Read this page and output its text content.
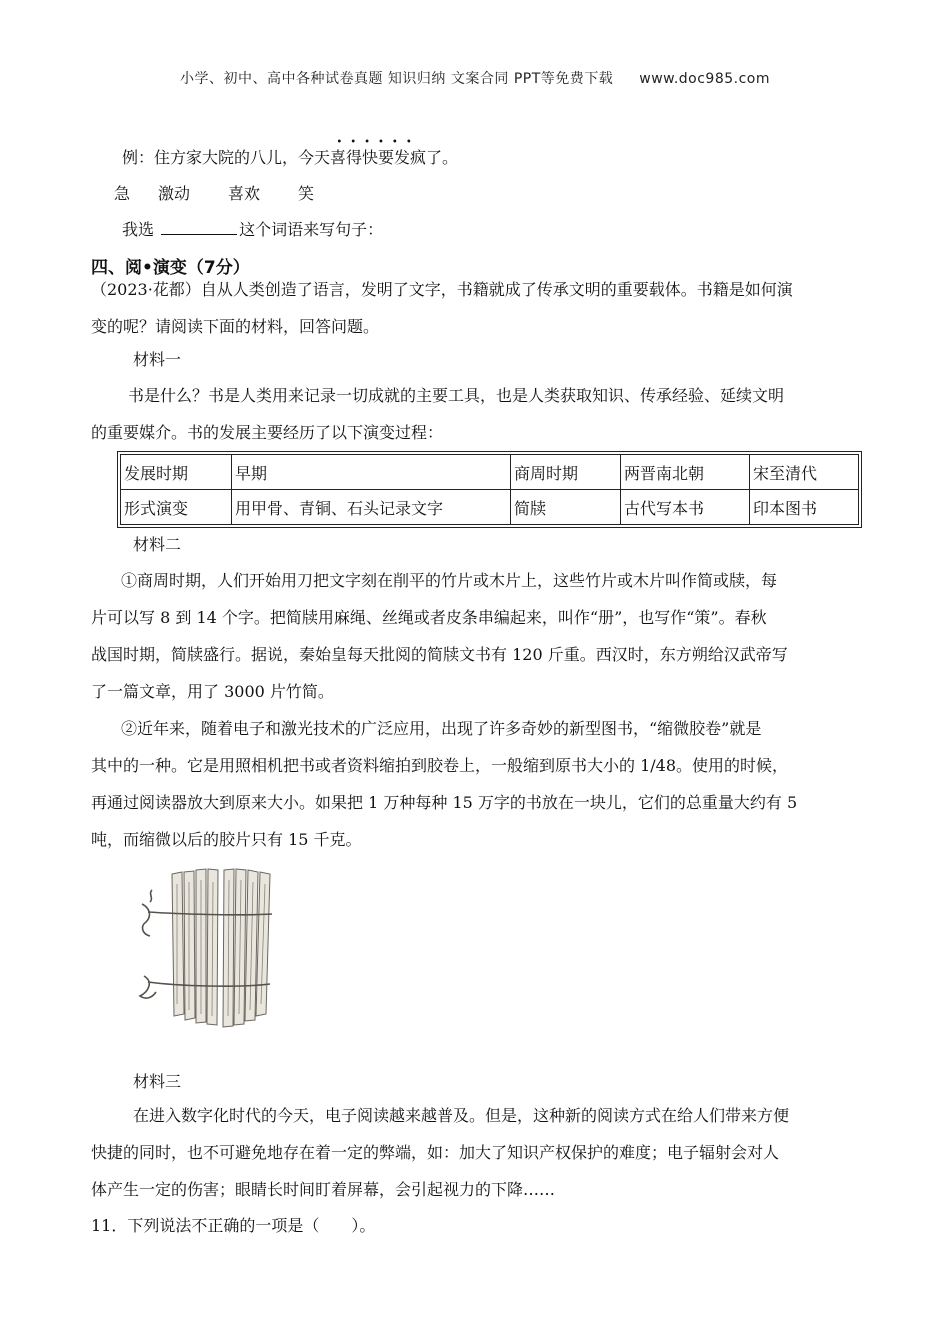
小学、初中、高中各种试卷真题 知识归纳 文案合同 PPT等免费下载 www.doc985.com
例：住方家大院的八儿，今天
••••••
喜得快要发疯了。
急 激动 喜欢 笑
我选	这个词语来写句子：
四、阅•演变（7分）
（2023·花都）自从人类创造了语言，发明了文字，书籍就成了传承文明的重要载体。书籍是如何演
变的呢？请阅读下面的材料，回答问题。
材料一
书是什么？书是人类用来记录一切成就的主要工具，也是人类获取知识、传承经验、延续文明
的重要媒介。书的发展主要经历了以下演变过程：
发展时期	早期	商周时期	两晋南北朝	宋至清代
形式演变	用甲骨、青铜、石头记录文字	简牍	古代写本书	印本图书
材料二
①商周时期，人们开始用刀把文字刻在削平的竹片或木片上，这些竹片或木片叫作简或牍，每
片可以写 8 到 14 个字。把简牍用麻绳、丝绳或者皮条串编起来，叫作“册”，也写作“策”。春秋
战国时期，简牍盛行。据说，秦始皇每天批阅的简牍文书有 120 斤重。西汉时，东方朔给汉武帝写
了一篇文章，用了 3000 片竹简。
②近年来，随着电子和激光技术的广泛应用，出现了许多奇妙的新型图书，“缩微胶卷”就是
其中的一种。它是用照相机把书或者资料缩拍到胶卷上，一般缩到原书大小的 1/48。使用的时候，
再通过阅读器放大到原来大小。如果把 1 万种每种 15 万字的书放在一块儿，它们的总重量大约有 5
吨，而缩微以后的胶片只有 15 千克。
材料三
在进入数字化时代的今天，电子阅读越来越普及。但是，这种新的阅读方式在给人们带来方便
快捷的同时，也不可避免地存在着一定的弊端，如：加大了知识产权保护的难度；电子辐射会对人
体产生一定的伤害；眼睛长时间盯着屏幕，会引起视力的下降……
11．下列说法不正确的一项是（　　）。
